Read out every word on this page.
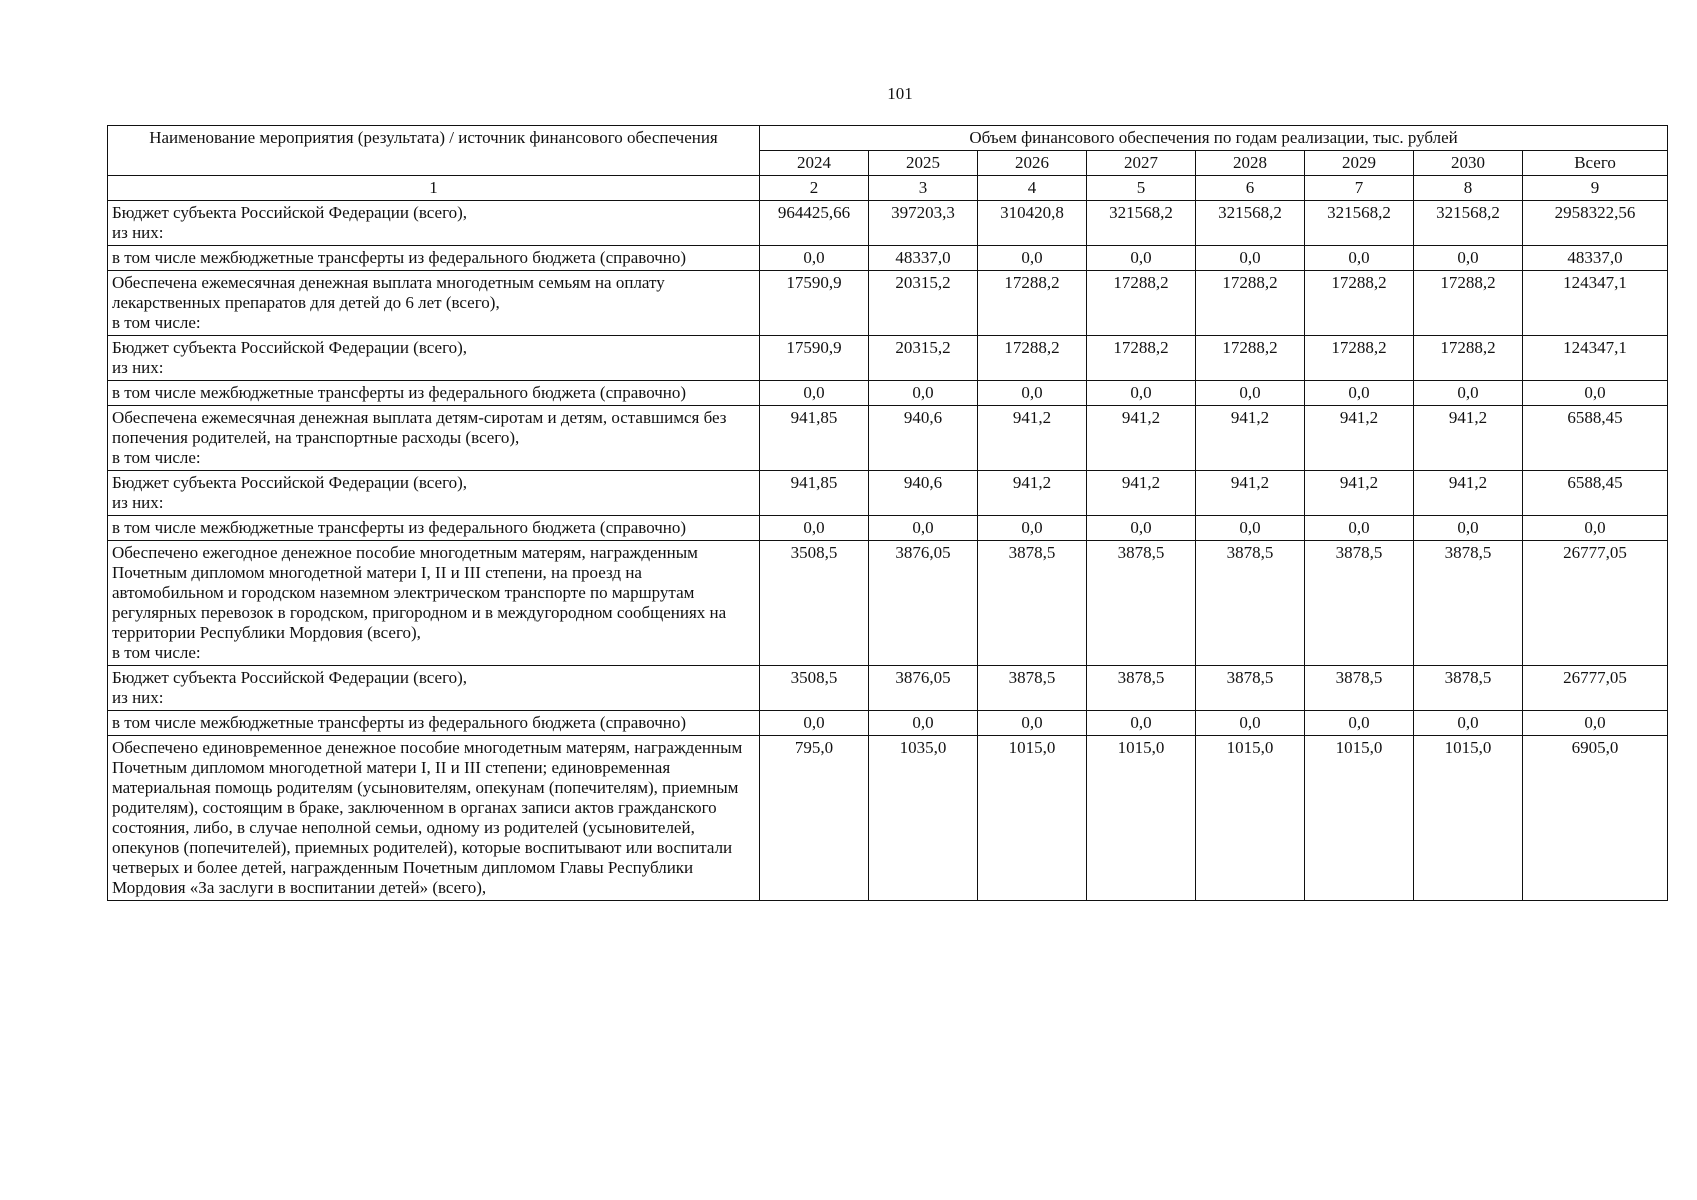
101
Наименование мероприятия (результата) / источник финансового обеспечения	Объем финансового обеспечения по годам реализации, тыс. рублей							
	2024	2025	2026	2027	2028	2029	2030	Всего
1	2	3	4	5	6	7	8	9
Бюджет субъекта Российской Федерации (всего),
из них:	964425,66	397203,3	310420,8	321568,2	321568,2	321568,2	321568,2	2958322,56
в том числе межбюджетные трансферты из федерального бюджета (справочно)	0,0	48337,0	0,0	0,0	0,0	0,0	0,0	48337,0
Обеспечена ежемесячная денежная выплата многодетным семьям на оплату лекарственных препаратов для детей до 6 лет (всего),
в том числе:	17590,9	20315,2	17288,2	17288,2	17288,2	17288,2	17288,2	124347,1
Бюджет субъекта Российской Федерации (всего),
из них:	17590,9	20315,2	17288,2	17288,2	17288,2	17288,2	17288,2	124347,1
в том числе межбюджетные трансферты из федерального бюджета (справочно)	0,0	0,0	0,0	0,0	0,0	0,0	0,0	0,0
Обеспечена ежемесячная денежная выплата детям-сиротам и детям, оставшимся без попечения родителей, на транспортные расходы (всего),
в том числе:	941,85	940,6	941,2	941,2	941,2	941,2	941,2	6588,45
Бюджет субъекта Российской Федерации (всего),
из них:	941,85	940,6	941,2	941,2	941,2	941,2	941,2	6588,45
в том числе межбюджетные трансферты из федерального бюджета (справочно)	0,0	0,0	0,0	0,0	0,0	0,0	0,0	0,0
Обеспечено ежегодное денежное пособие многодетным матерям, награжденным Почетным дипломом многодетной матери I, II и III степени, на проезд на автомобильном и городском наземном электрическом транспорте по маршрутам регулярных перевозок в городском, пригородном и в междугородном сообщениях на территории Республики Мордовия (всего),
в том числе:	3508,5	3876,05	3878,5	3878,5	3878,5	3878,5	3878,5	26777,05
Бюджет субъекта Российской Федерации (всего),
из них:	3508,5	3876,05	3878,5	3878,5	3878,5	3878,5	3878,5	26777,05
в том числе межбюджетные трансферты из федерального бюджета (справочно)	0,0	0,0	0,0	0,0	0,0	0,0	0,0	0,0
Обеспечено единовременное денежное пособие многодетным матерям, награжденным Почетным дипломом многодетной матери I, II и III степени; единовременная материальная помощь родителям (усыновителям, опекунам (попечителям), приемным родителям), состоящим в браке, заключенном в органах записи актов гражданского состояния, либо, в случае неполной семьи, одному из родителей (усыновителей, опекунов (попечителей), приемных родителей), которые воспитывают или воспитали четверых и более детей, награжденным Почетным дипломом Главы Республики Мордовия «За заслуги в воспитании детей» (всего),	795,0	1035,0	1015,0	1015,0	1015,0	1015,0	1015,0	6905,0
